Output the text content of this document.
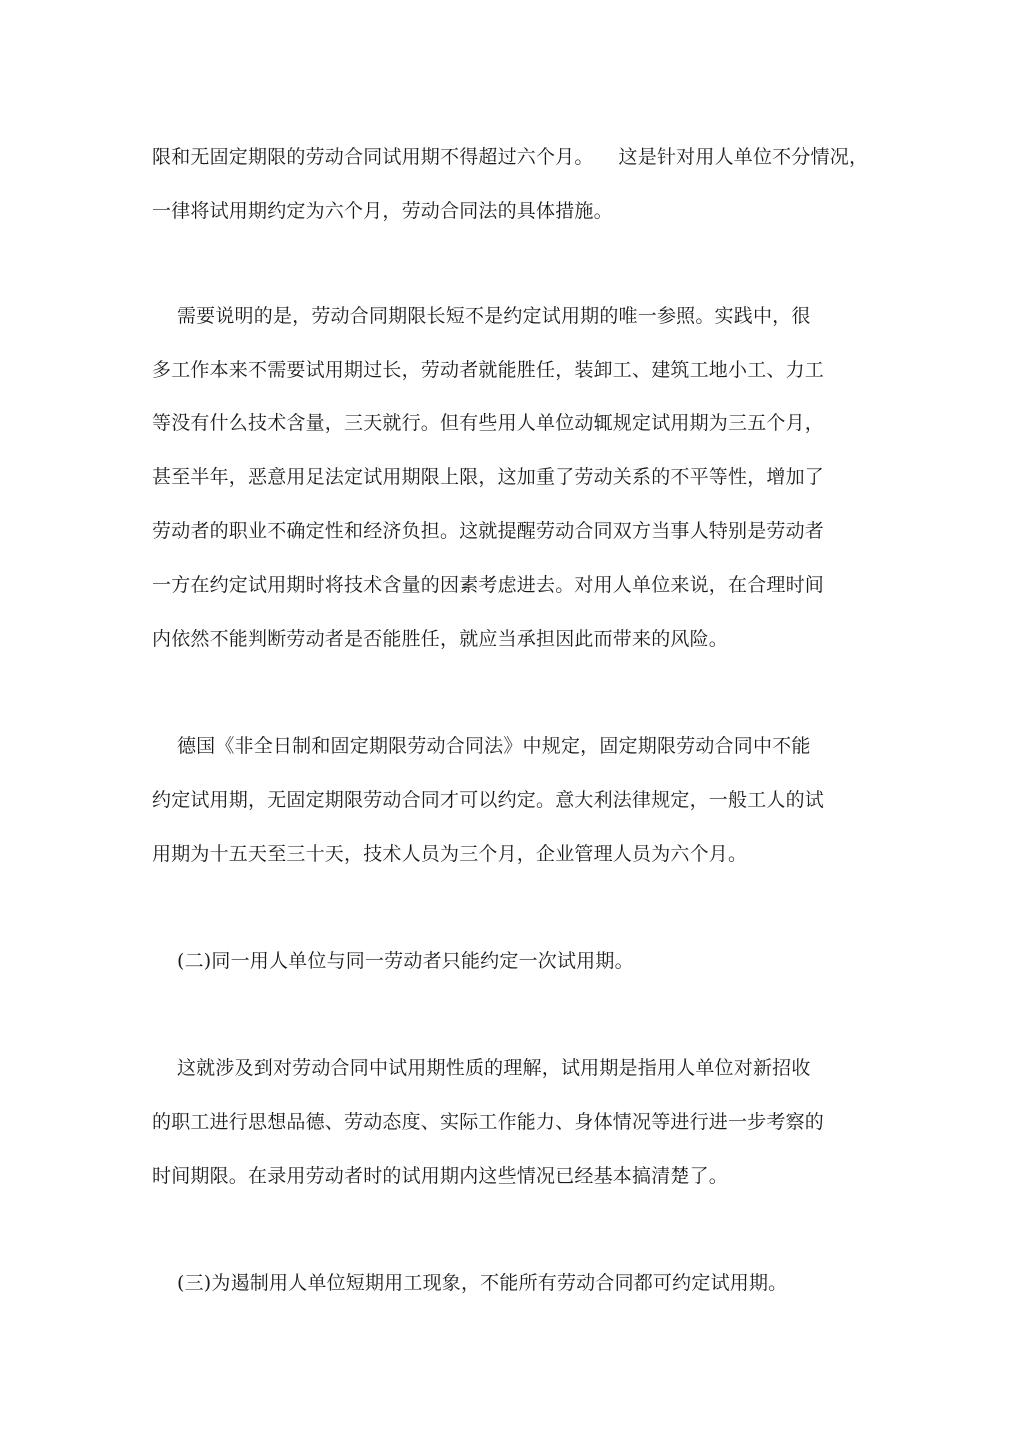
限和无固定期限的劳动合同试用期不得超过六个月。    这是针对用人单位不分情况，
一律将试用期约定为六个月，劳动合同法的具体措施。
需要说明的是，劳动合同期限长短不是约定试用期的唯一参照。实践中，很
多工作本来不需要试用期过长，劳动者就能胜任，装卸工、建筑工地小工、力工
等没有什么技术含量，三天就行。但有些用人单位动辄规定试用期为三五个月，
甚至半年，恶意用足法定试用期限上限，这加重了劳动关系的不平等性，增加了
劳动者的职业不确定性和经济负担。这就提醒劳动合同双方当事人特别是劳动者
一方在约定试用期时将技术含量的因素考虑进去。对用人单位来说，在合理时间
内依然不能判断劳动者是否能胜任，就应当承担因此而带来的风险。
德国《非全日制和固定期限劳动合同法》中规定，固定期限劳动合同中不能
约定试用期，无固定期限劳动合同才可以约定。意大利法律规定，一般工人的试
用期为十五天至三十天，技术人员为三个月，企业管理人员为六个月。
(二)同一用人单位与同一劳动者只能约定一次试用期。
这就涉及到对劳动合同中试用期性质的理解，试用期是指用人单位对新招收
的职工进行思想品德、劳动态度、实际工作能力、身体情况等进行进一步考察的
时间期限。在录用劳动者时的试用期内这些情况已经基本搞清楚了。
(三)为遏制用人单位短期用工现象，不能所有劳动合同都可约定试用期。
